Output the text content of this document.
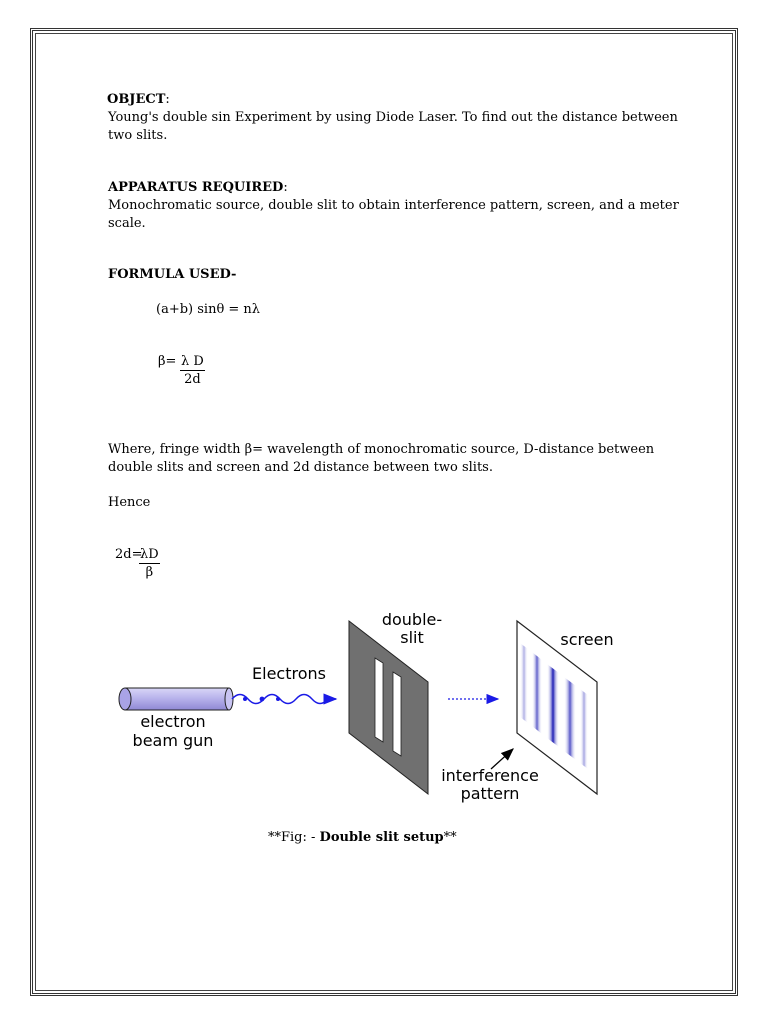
OBJECT:
Young's double sin Experiment by using Diode Laser. To find out the distance between
two slits.
APPARATUS REQUIRED:
Monochromatic source, double slit to obtain interference pattern, screen, and a meter
scale.
FORMULA USED-
(a+b) sinθ = nλ
$\beta= \frac{\text{λ D}}{2d}$
Where, fringe width β= wavelength of monochromatic source, D-distance between
double slits and screen and 2d distance between two slits.
Hence
2d=
$\frac{\lambda D}{\beta}$
Electrons
electron
beam gun
double-
slit	screen
interference
pattern
**Fig: - Double slit setup**
